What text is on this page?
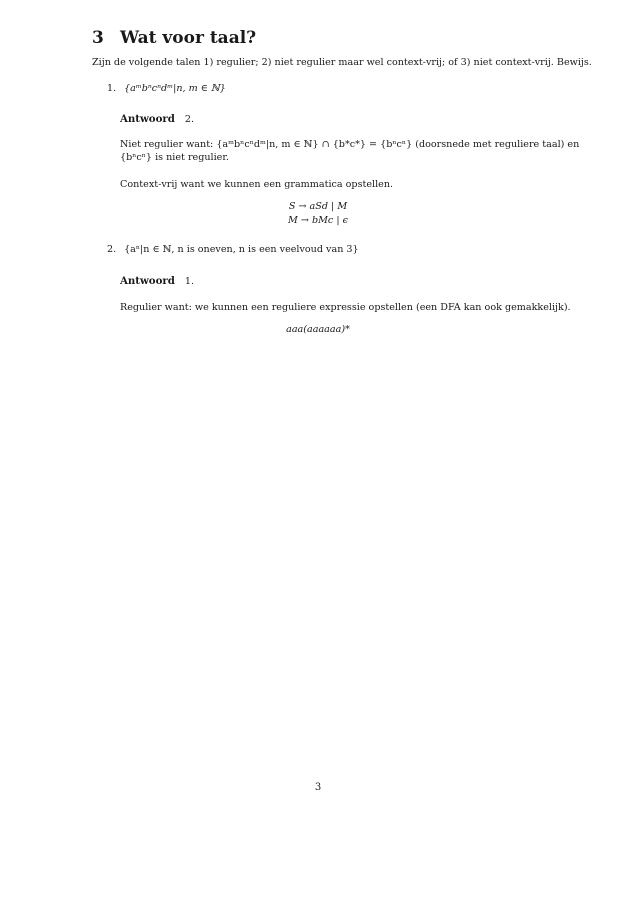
3 Wat voor taal?
Zijn de volgende talen 1) regulier; 2) niet regulier maar wel context-vrij; of 3) niet context-vrij. Bewijs.
1. {aᵐbⁿcⁿdᵐ|n, m ∈ ℕ}
Antwoord 2.
Niet regulier want: {aᵐbⁿcⁿdᵐ|n, m ∈ ℕ} ∩ {b*c*} = {bⁿcⁿ} (doorsnede met reguliere taal) en
{bⁿcⁿ} is niet regulier.
Context-vrij want we kunnen een grammatica opstellen.
S → aSd | M
M → bMc | ϵ
2. {aⁿ|n ∈ ℕ, n is oneven, n is een veelvoud van 3}
Antwoord 1.
Regulier want: we kunnen een reguliere expressie opstellen (een DFA kan ook gemakkelijk).
aaa(aaaaaa)*
3
